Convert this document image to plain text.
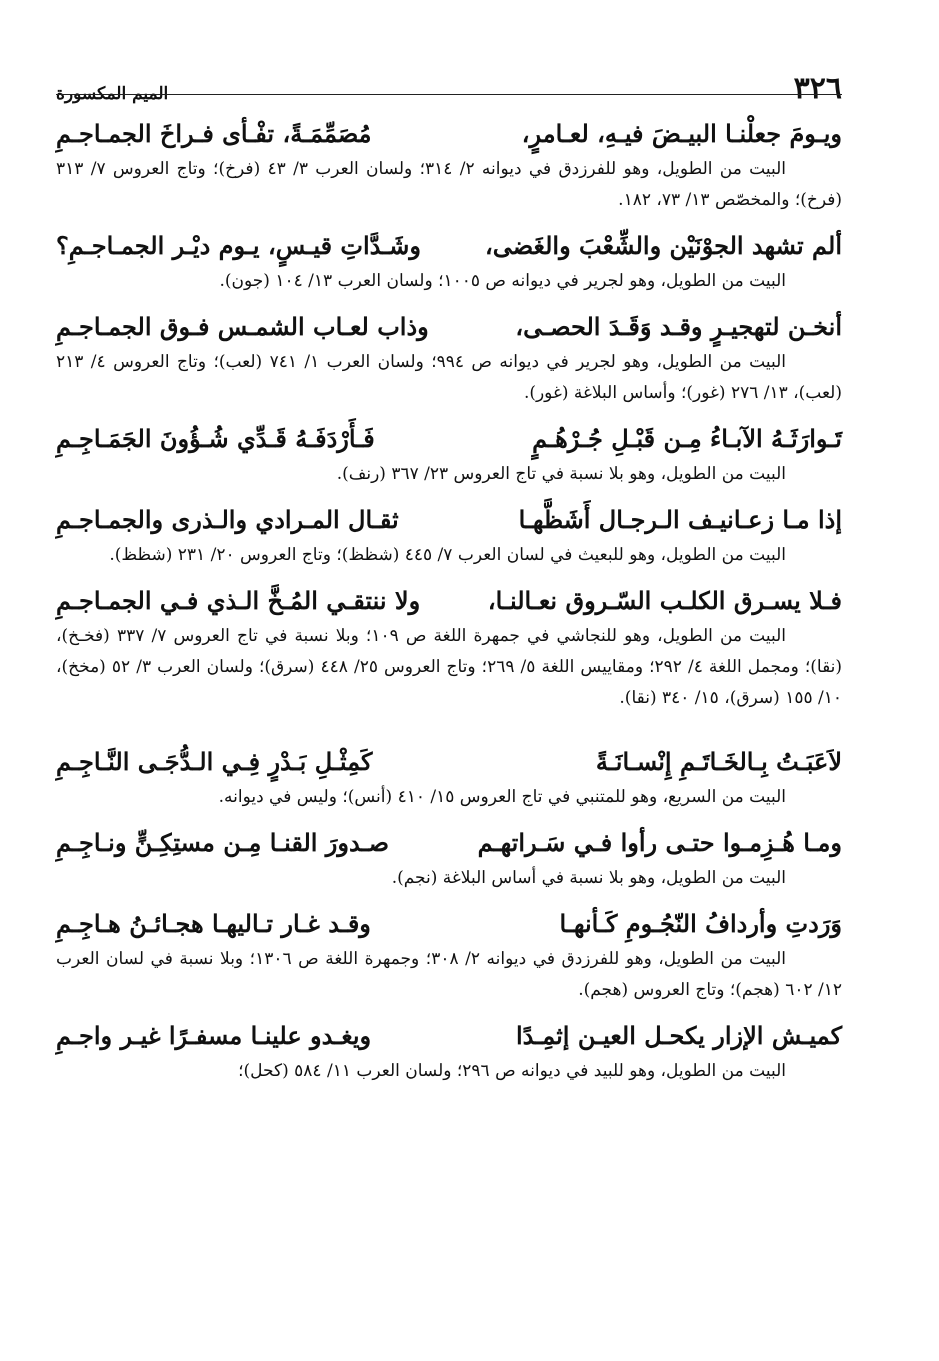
٣٢٦
الميم المكسورة
ويـومَ جعلْنـا البيـضَ فيـهِ، لعـامرٍ،
مُصَمِّمَـةً، تفْـأى فـراخَ الجمـاجـمِ
البيت من الطويل، وهو للفرزدق في ديوانه ٢/ ٣١٤؛ ولسان العرب ٣/ ٤٣ (فرخ)؛ وتاج العروس ٧/ ٣١٣ (فرخ)؛ والمخصّص ١٣/ ٧٣، ١٨٢.
ألم تشهد الجوْنَيْن والشِّعْبَ والغَضى،
وشَـدَّاتِ قيـسٍ، يـوم ديْـر الجمـاجـمِ؟
البيت من الطويل، وهو لجرير في ديوانه ص ١٠٠٥؛ ولسان العرب ١٣/ ١٠٤ (جون).
أنخـن لتهجيـرٍ وقـد وَقَـدَ الحصـى،
وذاب لعـاب الشمـس فـوق الجمـاجـمِ
البيت من الطويل، وهو لجرير في ديوانه ص ٩٩٤؛ ولسان العرب ١/ ٧٤١ (لعب)؛ وتاج العروس ٤/ ٢١٣ (لعب)، ١٣/ ٢٧٦ (غور)؛ وأساس البلاغة (غور).
تَـوارَثَـهُ الآبـاءُ مِـن قَبْـلِ جُـرْهُـمٍ
فَـأَرْدَفَـهُ قَـدِّي شُـؤُونَ الجَمَـاجِـمِ
البيت من الطويل، وهو بلا نسبة في تاج العروس ٢٣/ ٣٦٧ (رنف).
إذا مـا زعـانيـف الـرجـال أَشَظَّهـا
ثقـال المـرادي والـذرى والجمـاجـمِ
البيت من الطويل، وهو للبعيث في لسان العرب ٧/ ٤٤٥ (شظظ)؛ وتاج العروس ٢٠/ ٢٣١ (شظظ).
فـلا يسـرق الكلـب السّـروق نعـالنـا،
ولا ننتقـي المُـخَّ الـذي فـي الجمـاجـمِ
البيت من الطويل، وهو للنجاشي في جمهرة اللغة ص ١٠٩؛ وبلا نسبة في تاج العروس ٧/ ٣٣٧ (فخـخ)، (نقا)؛ ومجمل اللغة ٤/ ٢٩٢؛ ومقاييس اللغة ٥/ ٢٦٩؛ وتاج العروس ٢٥/ ٤٤٨ (سرق)؛ ولسان العرب ٣/ ٥٢ (مخخ)، ١٠/ ١٥٥ (سرق)، ١٥/ ٣٤٠ (نقا).
لاَعَبَـتُ بِـالخَـاتَـمِ إِنْسـانَـةً
كَمِثْـلِ بَـدْرٍ فِـي الـدُّجَـى النَّـاجِـمِ
البيت من السريع، وهو للمتنبي في تاج العروس ١٥/ ٤١٠ (أنس)؛ وليس في ديوانه.
ومـا هُـزِمـوا حتـى رأوا فـي سَـراتهـم
صـدورَ القنـا مِـن مستِكِـنٍّ ونـاجِـمِ
البيت من الطويل، وهو بلا نسبة في أساس البلاغة (نجم).
وَرَدتِ وأردافُ النّجُـومِ كَـأنهـا
وقـد غـار تـاليهـا هجـائـنُ هـاجِـمِ
البيت من الطويل، وهو للفرزدق في ديوانه ٢/ ٣٠٨؛ وجمهرة اللغة ص ١٣٠٦؛ وبلا نسبة في لسان العرب ١٢/ ٦٠٢ (هجم)؛ وتاج العروس (هجم).
كميـش الإزار يكحـل العيـن إثمِـدًا
ويغـدو علينـا مسفـرًا غيـر واجـمِ
البيت من الطويل، وهو للبيد في ديوانه ص ٢٩٦؛ ولسان العرب ١١/ ٥٨٤ (كحل)؛
